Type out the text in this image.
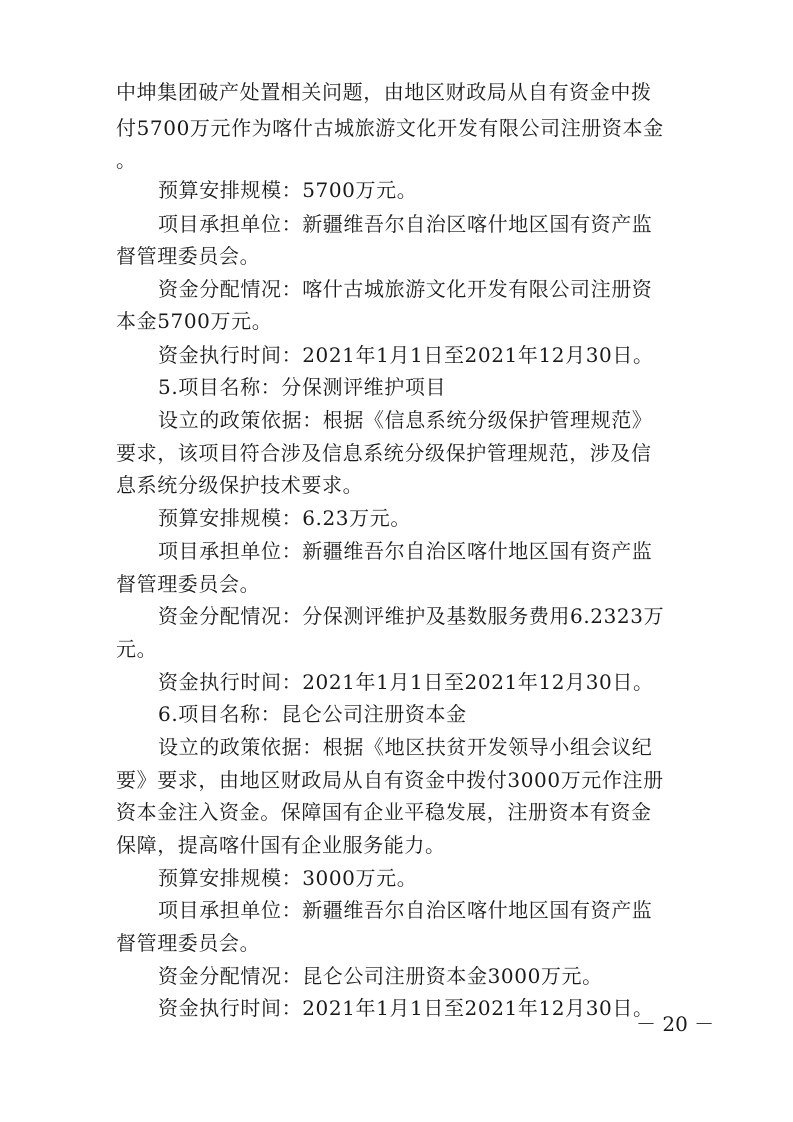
中坤集团破产处置相关问题，由地区财政局从自有资金中拨
付5700万元作为喀什古城旅游文化开发有限公司注册资本金
。
预算安排规模：5700万元。
项目承担单位：新疆维吾尔自治区喀什地区国有资产监
督管理委员会。
资金分配情况：喀什古城旅游文化开发有限公司注册资
本金5700万元。
资金执行时间：2021年1月1日至2021年12月30日。
5.项目名称：分保测评维护项目
设立的政策依据：根据《信息系统分级保护管理规范》
要求，该项目符合涉及信息系统分级保护管理规范，涉及信
息系统分级保护技术要求。
预算安排规模：6.23万元。
项目承担单位：新疆维吾尔自治区喀什地区国有资产监
督管理委员会。
资金分配情况：分保测评维护及基数服务费用6.2323万
元。
资金执行时间：2021年1月1日至2021年12月30日。
6.项目名称：昆仑公司注册资本金
设立的政策依据：根据《地区扶贫开发领导小组会议纪
要》要求，由地区财政局从自有资金中拨付3000万元作注册
资本金注入资金。保障国有企业平稳发展，注册资本有资金
保障，提高喀什国有企业服务能力。
预算安排规模：3000万元。
项目承担单位：新疆维吾尔自治区喀什地区国有资产监
督管理委员会。
资金分配情况：昆仑公司注册资本金3000万元。
资金执行时间：2021年1月1日至2021年12月30日。
－ 20 －
